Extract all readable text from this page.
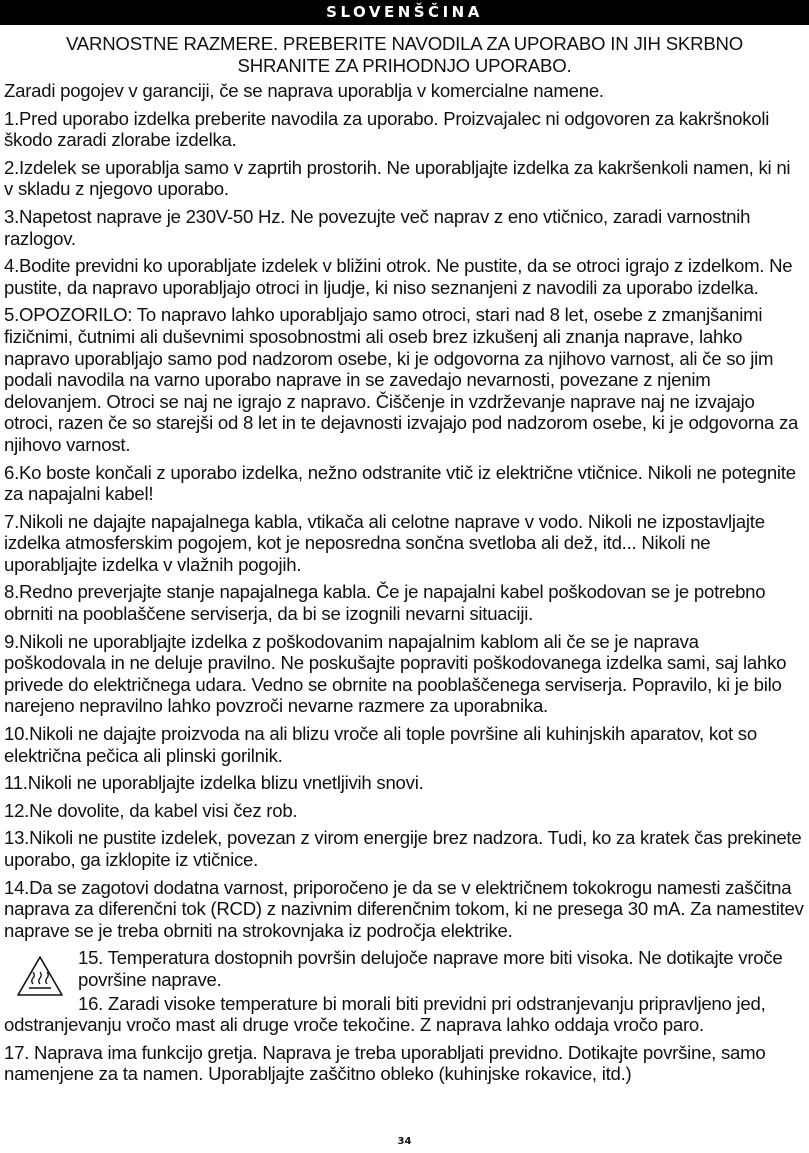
SLOVENŠČINA
VARNOSTNE RAZMERE. PREBERITE NAVODILA ZA UPORABO IN JIH SKRBNO SHRANITE ZA PRIHODNJO UPORABO.

Zaradi pogojev v garanciji, če se naprava uporablja v komercialne namene.

1.Pred uporabo izdelka preberite navodila za uporabo. Proizvajalec ni odgovoren za kakršnokoli škodo zaradi zlorabe izdelka.

2.Izdelek se uporablja samo v zaprtih prostorih. Ne uporabljajte izdelka za kakršenkoli namen, ki ni v skladu z njegovo uporabo.

3.Napetost naprave je 230V-50 Hz. Ne povezujte več naprav z eno vtičnico, zaradi varnostnih razlogov.

4.Bodite previdni ko uporabljate izdelek v bližini otrok. Ne pustite, da se otroci igrajo z izdelkom. Ne pustite, da napravo uporabljajo otroci in ljudje, ki niso seznanjeni z navodili za uporabo izdelka.

5.OPOZORILO: To napravo lahko uporabljajo samo otroci, stari nad 8 let, osebe z zmanjšanimi fizičnimi, čutnimi ali duševnimi sposobnostmi ali oseb brez izkušenj ali znanja naprave, lahko napravo uporabljajo samo pod nadzorom osebe, ki je odgovorna za njihovo varnost, ali če so jim podali navodila na varno uporabo naprave in se zavedajo nevarnosti, povezane z njenim delovanjem. Otroci se naj ne igrajo z napravo. Čiščenje in vzdrževanje naprave naj ne izvajajo otroci, razen če so starejši od 8 let in te dejavnosti izvajajo pod nadzorom osebe, ki je odgovorna za njihovo varnost.

6.Ko boste končali z uporabo izdelka, nežno odstranite vtič iz električne vtičnice. Nikoli ne potegnite za napajalni kabel!

7.Nikoli ne dajajte napajalnega kabla, vtikača ali celotne naprave v vodo. Nikoli ne izpostavljajte izdelka atmosferskim pogojem, kot je neposredna sončna svetloba ali dež, itd... Nikoli ne uporabljajte izdelka v vlažnih pogojih.

8.Redno preverjajte stanje napajalnega kabla. Če je napajalni kabel poškodovan se je potrebno obrniti na pooblaščene serviserja, da bi se izognili nevarni situaciji.

9.Nikoli ne uporabljajte izdelka z poškodovanim napajalnim kablom ali če se je naprava poškodovala in ne deluje pravilno. Ne poskušajte popraviti poškodovanega izdelka sami, saj lahko privede do električnega udara. Vedno se obrnite na pooblaščenega serviserja. Popravilo, ki je bilo narejeno nepravilno lahko povzroči nevarne razmere za uporabnika.

10.Nikoli ne dajajte proizvoda na ali blizu vroče ali tople površine ali kuhinjskih aparatov, kot so električna pečica ali plinski gorilnik.

11.Nikoli ne uporabljajte izdelka blizu vnetljivih snovi.

12.Ne dovolite, da kabel visi čez rob.

13.Nikoli ne pustite izdelek, povezan z virom energije brez nadzora. Tudi, ko za kratek čas prekinete uporabo, ga izklopite iz vtičnice.

14.Da se zagotovi dodatna varnost, priporočeno je da se v električnem tokokrogu namesti zaščitna naprava za diferenčni tok (RCD) z nazivnim diferenčnim tokom, ki ne presega 30 mA. Za namestitev naprave se je treba obrniti na strokovnjaka iz področja elektrike.

15. Temperatura dostopnih površin delujoče naprave more biti visoka. Ne dotikajte vroče površine naprave.

16. Zaradi visoke temperature bi morali biti previdni pri odstranjevanju pripravljeno jed, odstranjevanju vročo mast ali druge vroče tekočine. Z naprava lahko oddaja vročo paro.

17. Naprava ima funkcijo gretja. Naprava je treba uporabljati previdno. Dotikajte površine, samo namenjene za ta namen. Uporabljajte zaščitno obleko (kuhinjske rokavice, itd.)

34
